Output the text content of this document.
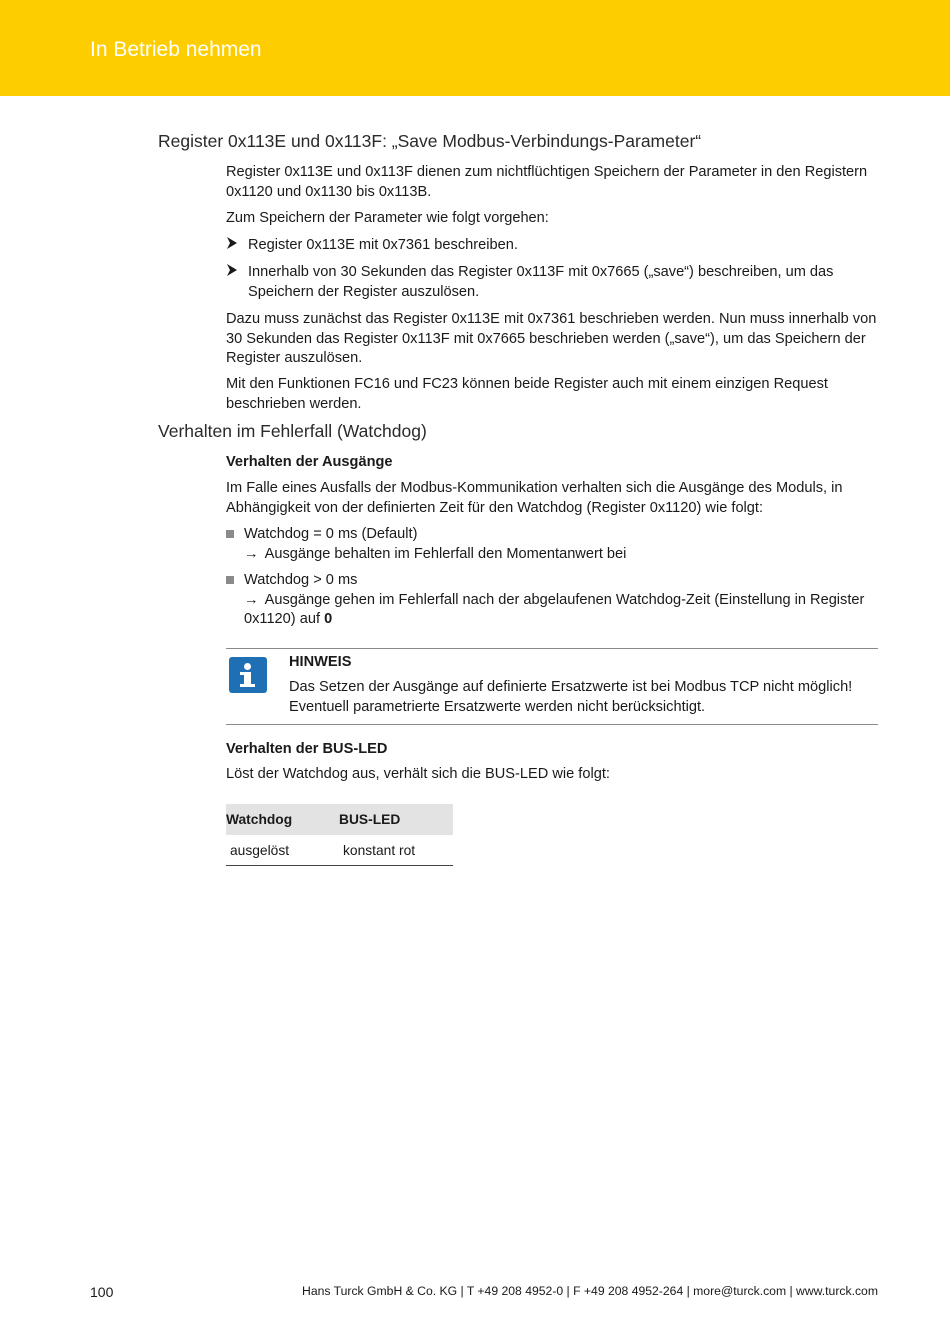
In Betrieb nehmen
Register 0x113E und 0x113F: „Save Modbus-Verbindungs-Parameter“

Register 0x113E und 0x113F dienen zum nichtflüchtigen Speichern der Parameter in den Registern 0x1120 und 0x1130 bis 0x113B.

Zum Speichern der Parameter wie folgt vorgehen:

Register 0x113E mit 0x7361 beschreiben.
Innerhalb von 30 Sekunden das Register 0x113F mit 0x7665 („save“) beschreiben, um das Speichern der Register auszulösen.

Dazu muss zunächst das Register 0x113E mit 0x7361 beschrieben werden. Nun muss innerhalb von 30 Sekunden das Register 0x113F mit 0x7665 beschrieben werden („save“), um das Speichern der Register auszulösen.

Mit den Funktionen FC16 und FC23 können beide Register auch mit einem einzigen Request beschrieben werden.

Verhalten im Fehlerfall (Watchdog)

Verhalten der Ausgänge

Im Falle eines Ausfalls der Modbus-Kommunikation verhalten sich die Ausgänge des Moduls, in Abhängigkeit von der definierten Zeit für den Watchdog (Register 0x1120) wie folgt:

Watchdog = 0 ms (Default)
→ Ausgänge behalten im Fehlerfall den Momentanwert bei
Watchdog > 0 ms
→ Ausgänge gehen im Fehlerfall nach der abgelaufenen Watchdog-Zeit (Einstellung in Register 0x1120) auf 0
HINWEIS
Das Setzen der Ausgänge auf definierte Ersatzwerte ist bei Modbus TCP nicht möglich! Eventuell parametrierte Ersatzwerte werden nicht berücksichtigt.

Verhalten der BUS-LED

Löst der Watchdog aus, verhält sich die BUS-LED wie folgt:

Watchdog	BUS-LED
ausgelöst	konstant rot
100	Hans Turck GmbH & Co. KG | T +49 208 4952-0 | F +49 208 4952-264 | more@turck.com | www.turck.com
